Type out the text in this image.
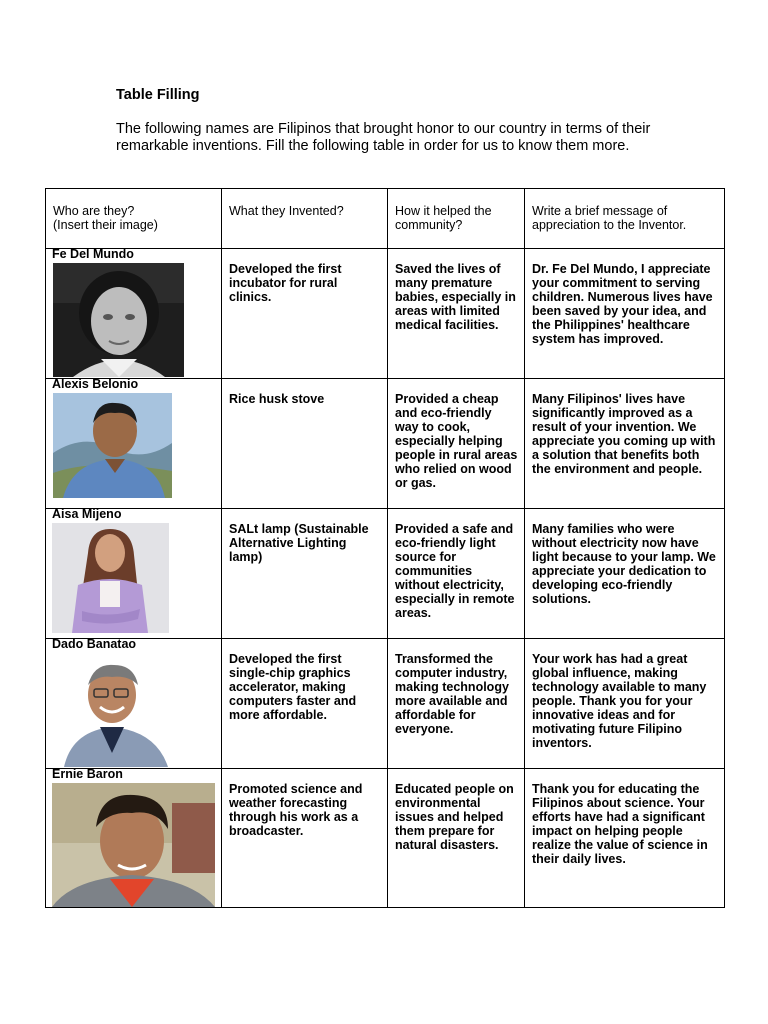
Table Filling
The following names are Filipinos that brought honor to our country in terms of their remarkable inventions. Fill the following table in order for us to know them more.
Who are they?
(Insert their image)	What they Invented?	How it helped the community?	Write a brief message of appreciation to the Inventor.

Fe Del Mundo	Developed the first incubator for rural clinics.	Saved the lives of many premature babies, especially in areas with limited medical facilities.	Dr. Fe Del Mundo, I appreciate your commitment to serving children. Numerous lives have been saved by your idea, and the Philippines' healthcare system has improved.

Alexis Belonio	Rice husk stove	Provided a cheap and eco-friendly way to cook, especially helping people in rural areas who relied on wood or gas.	Many Filipinos' lives have significantly improved as a result of your invention. We appreciate you coming up with a solution that benefits both the environment and people.

Aisa Mijeno	SALt lamp (Sustainable Alternative Lighting lamp)	Provided a safe and eco-friendly light source for communities without electricity, especially in remote areas.	Many families who were without electricity now have light because to your lamp. We appreciate your dedication to developing eco-friendly solutions.

Dado Banatao	Developed the first single-chip graphics accelerator, making computers faster and more affordable.	Transformed the computer industry, making technology more available and affordable for everyone.	Your work has had a great global influence, making technology available to many people. Thank you for your innovative ideas and for motivating future Filipino inventors.

Ernie Baron	Promoted science and weather forecasting through his work as a broadcaster.	Educated people on environmental issues and helped them prepare for natural disasters.	Thank you for educating the Filipinos about science. Your efforts have had a significant impact on helping people realize the value of science in their daily lives.
